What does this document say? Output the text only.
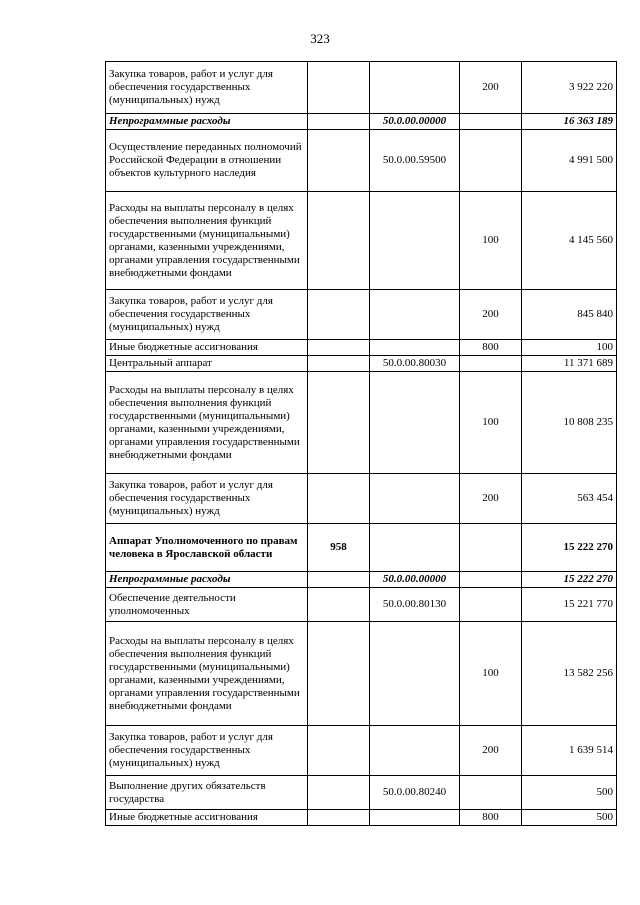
323
Закупка товаров, работ и услуг для обеспечения государственных (муниципальных) нужд			200	3 922 220
Непрограммные расходы		50.0.00.00000		16 363 189
Осуществление переданных полномочий Российской Федерации в отношении объектов культурного наследия		50.0.00.59500		4 991 500
Расходы на выплаты персоналу в целях обеспечения выполнения функций государственными (муниципальными) органами, казенными учреждениями, органами управления государственными внебюджетными фондами			100	4 145 560
Закупка товаров, работ и услуг для обеспечения государственных (муниципальных) нужд			200	845 840
Иные бюджетные ассигнования			800	100
Центральный аппарат		50.0.00.80030		11 371 689
Расходы на выплаты персоналу в целях обеспечения выполнения функций государственными (муниципальными) органами, казенными учреждениями, органами управления государственными внебюджетными фондами			100	10 808 235
Закупка товаров, работ и услуг для обеспечения государственных (муниципальных) нужд			200	563 454
Аппарат Уполномоченного по правам человека в Ярославской области	958			15 222 270
Непрограммные расходы		50.0.00.00000		15 222 270
Обеспечение деятельности уполномоченных		50.0.00.80130		15 221 770
Расходы на выплаты персоналу в целях обеспечения выполнения функций государственными (муниципальными) органами, казенными учреждениями, органами управления государственными внебюджетными фондами			100	13 582 256
Закупка товаров, работ и услуг для обеспечения государственных (муниципальных) нужд			200	1 639 514
Выполнение других обязательств государства		50.0.00.80240		500
Иные бюджетные ассигнования			800	500
